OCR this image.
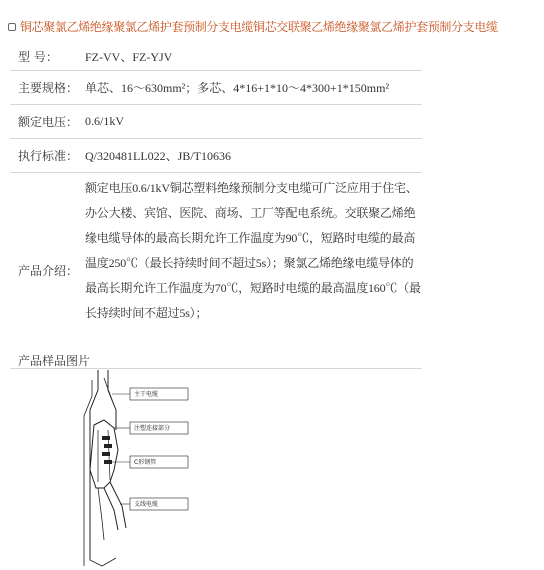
铜芯聚氯乙烯绝缘聚氯乙烯护套预制分支电缆铜芯交联聚乙烯绝缘聚氯乙烯护套预制分支电缆
型 号：	FZ-VV、FZ-YJV
主要规格：	单芯、16～630mm²；多芯、4*16+1*10～4*300+1*150mm²
额定电压：	0.6/1kV
执行标准：	Q/320481LL022、JB/T10636
产品介绍：	额定电压0.6/1kV铜芯塑料绝缘预制分支电缆可广泛应用于住宅、办公大楼、宾馆、医院、商场、工厂等配电系统。交联聚乙烯绝缘电缆导体的最高长期允许工作温度为90℃，短路时电缆的最高温度250℃（最长持续时间不超过5s）；聚氯乙烯绝缘电缆导体的最高长期允许工作温度为70℃，短路时电缆的最高温度160℃（最长持续时间不超过5s）；
产品样品图片
主干电缆
注塑连接部分
C形钢管
支线电缆
